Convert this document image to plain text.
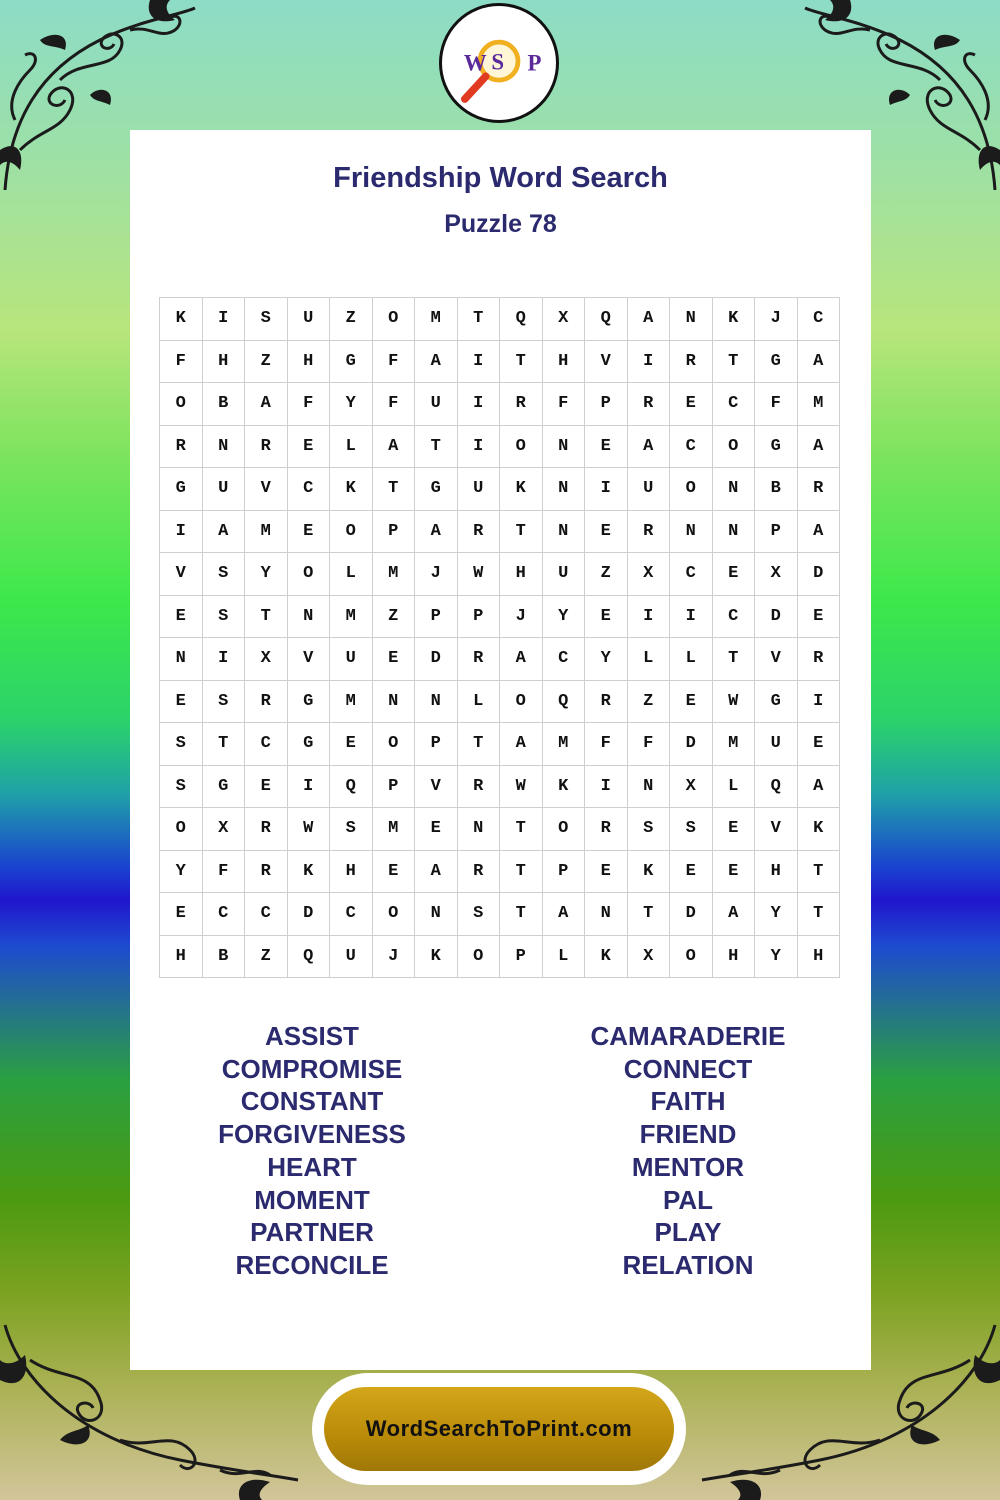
W S P
Friendship Word Search
Puzzle 78
K	I	S	U	Z	O	M	T	Q	X	Q	A	N	K	J	C
F	H	Z	H	G	F	A	I	T	H	V	I	R	T	G	A
O	B	A	F	Y	F	U	I	R	F	P	R	E	C	F	M
R	N	R	E	L	A	T	I	O	N	E	A	C	O	G	A
G	U	V	C	K	T	G	U	K	N	I	U	O	N	B	R
I	A	M	E	O	P	A	R	T	N	E	R	N	N	P	A
V	S	Y	O	L	M	J	W	H	U	Z	X	C	E	X	D
E	S	T	N	M	Z	P	P	J	Y	E	I	I	C	D	E
N	I	X	V	U	E	D	R	A	C	Y	L	L	T	V	R
E	S	R	G	M	N	N	L	O	Q	R	Z	E	W	G	I
S	T	C	G	E	O	P	T	A	M	F	F	D	M	U	E
S	G	E	I	Q	P	V	R	W	K	I	N	X	L	Q	A
O	X	R	W	S	M	E	N	T	O	R	S	S	E	V	K
Y	F	R	K	H	E	A	R	T	P	E	K	E	E	H	T
E	C	C	D	C	O	N	S	T	A	N	T	D	A	Y	T
H	B	Z	Q	U	J	K	O	P	L	K	X	O	H	Y	H
ASSIST
COMPROMISE
CONSTANT
FORGIVENESS
HEART
MOMENT
PARTNER
RECONCILE
CAMARADERIE
CONNECT
FAITH
FRIEND
MENTOR
PAL
PLAY
RELATION
WordSearchToPrint.com
